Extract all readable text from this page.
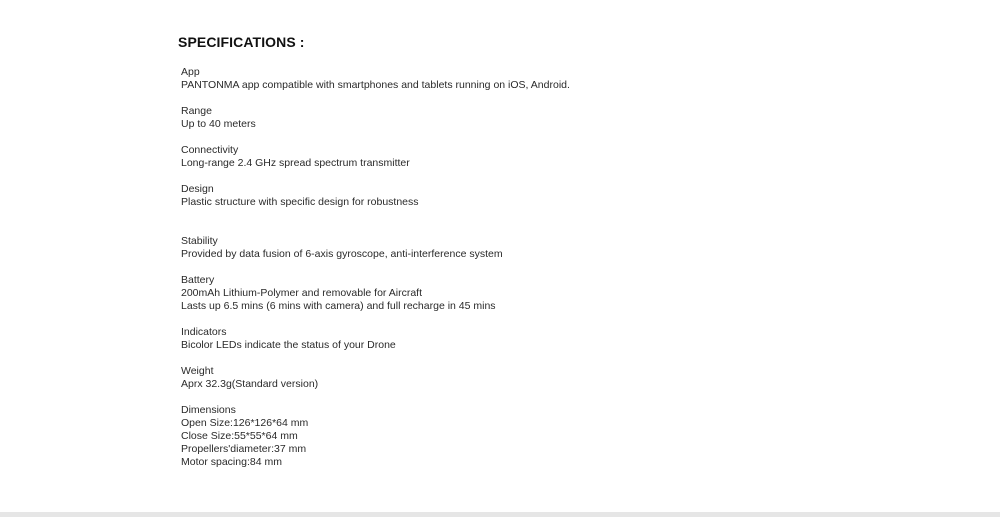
SPECIFICATIONS :
App
PANTONMA app compatible with smartphones and tablets running on iOS, Android.
Range
Up to 40 meters
Connectivity
Long-range 2.4 GHz spread spectrum transmitter
Design
Plastic structure with specific design for robustness
Stability
Provided by data fusion of 6-axis gyroscope, anti-interference system
Battery
200mAh Lithium-Polymer and removable for Aircraft
Lasts up 6.5 mins (6 mins with camera) and full recharge in 45 mins
Indicators
Bicolor LEDs indicate the status of your Drone
Weight
Aprx 32.3g(Standard version)
Dimensions
Open Size:126*126*64 mm
Close Size:55*55*64 mm
Propellers'diameter:37 mm
Motor spacing:84 mm
